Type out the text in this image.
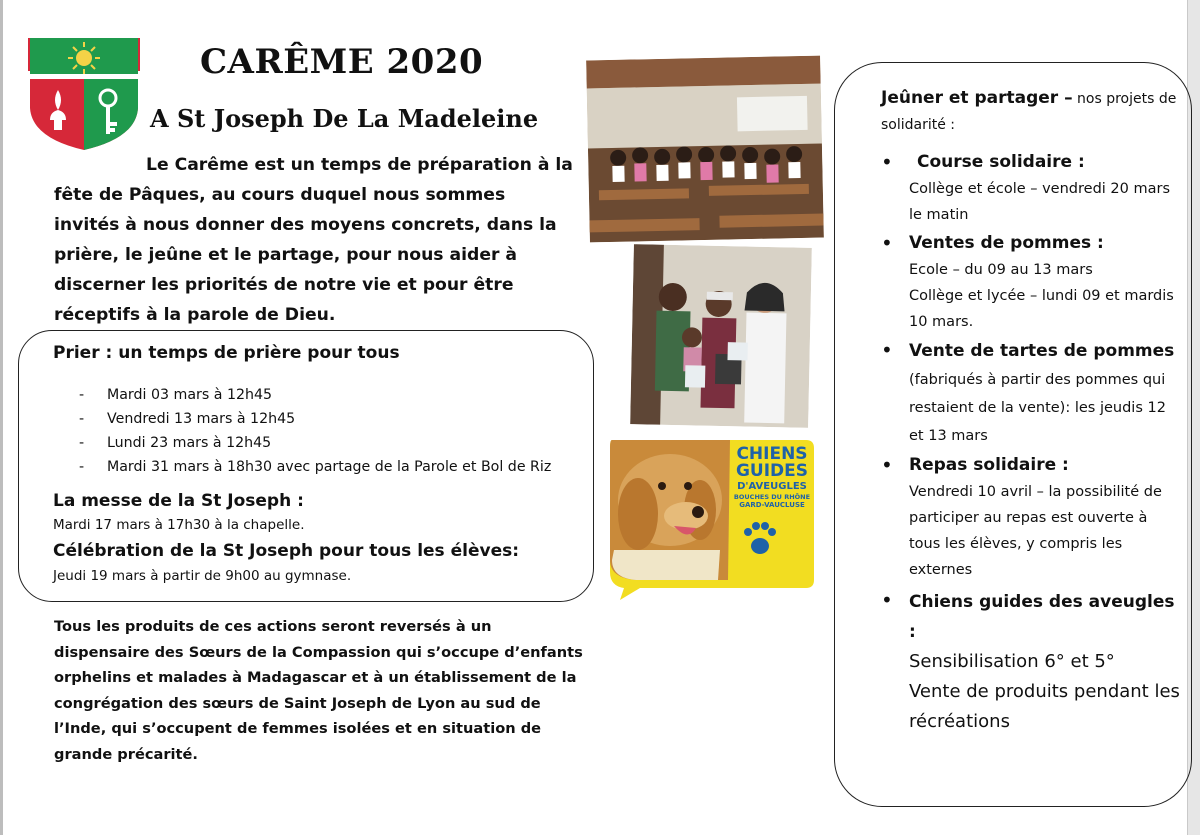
CARÊME 2020
A St Joseph De La Madeleine
Le Carême est un temps de préparation à la fête de Pâques, au cours duquel nous sommes invités à nous donner des moyens concrets, dans la prière, le jeûne et le partage, pour nous aider à discerner les priorités de notre vie et pour être réceptifs à la parole de Dieu.
Prier : un temps de prière pour tous
- Mardi 03 mars à 12h45
- Vendredi 13 mars à 12h45
- Lundi 23 mars à 12h45
- Mardi 31 mars à 18h30 avec partage de la Parole et Bol de Riz
La messe de la St Joseph :
Mardi 17 mars à 17h30 à la chapelle.
Célébration de la St Joseph pour tous les élèves:
Jeudi 19 mars à partir de 9h00 au gymnase.
Tous les produits de ces actions seront reversés à un dispensaire des Sœurs de la Compassion qui s’occupe d’enfants orphelins et malades à Madagascar et à un établissement de la congrégation des sœurs de Saint Joseph de Lyon au sud de l’Inde, qui s’occupent de femmes isolées et en situation de grande précarité.
CHIENS
GUIDES
D'AVEUGLES
BOUCHES DU RHÔNE
GARD-VAUCLUSE
Jeûner et partager – nos projets de solidarité :
• Course solidaire :
Collège et école – vendredi 20 mars le matin
• Ventes de pommes :
Ecole – du 09 au 13 mars
Collège et lycée – lundi 09 et mardis 10 mars.
• Vente de tartes de pommes (fabriqués à partir des pommes qui restaient de la vente): les jeudis 12 et 13 mars
• Repas solidaire :
Vendredi 10 avril – la possibilité de participer au repas est ouverte à tous les élèves, y compris les externes
• Chiens guides des aveugles :
Sensibilisation 6° et 5°
Vente de produits pendant les récréations
